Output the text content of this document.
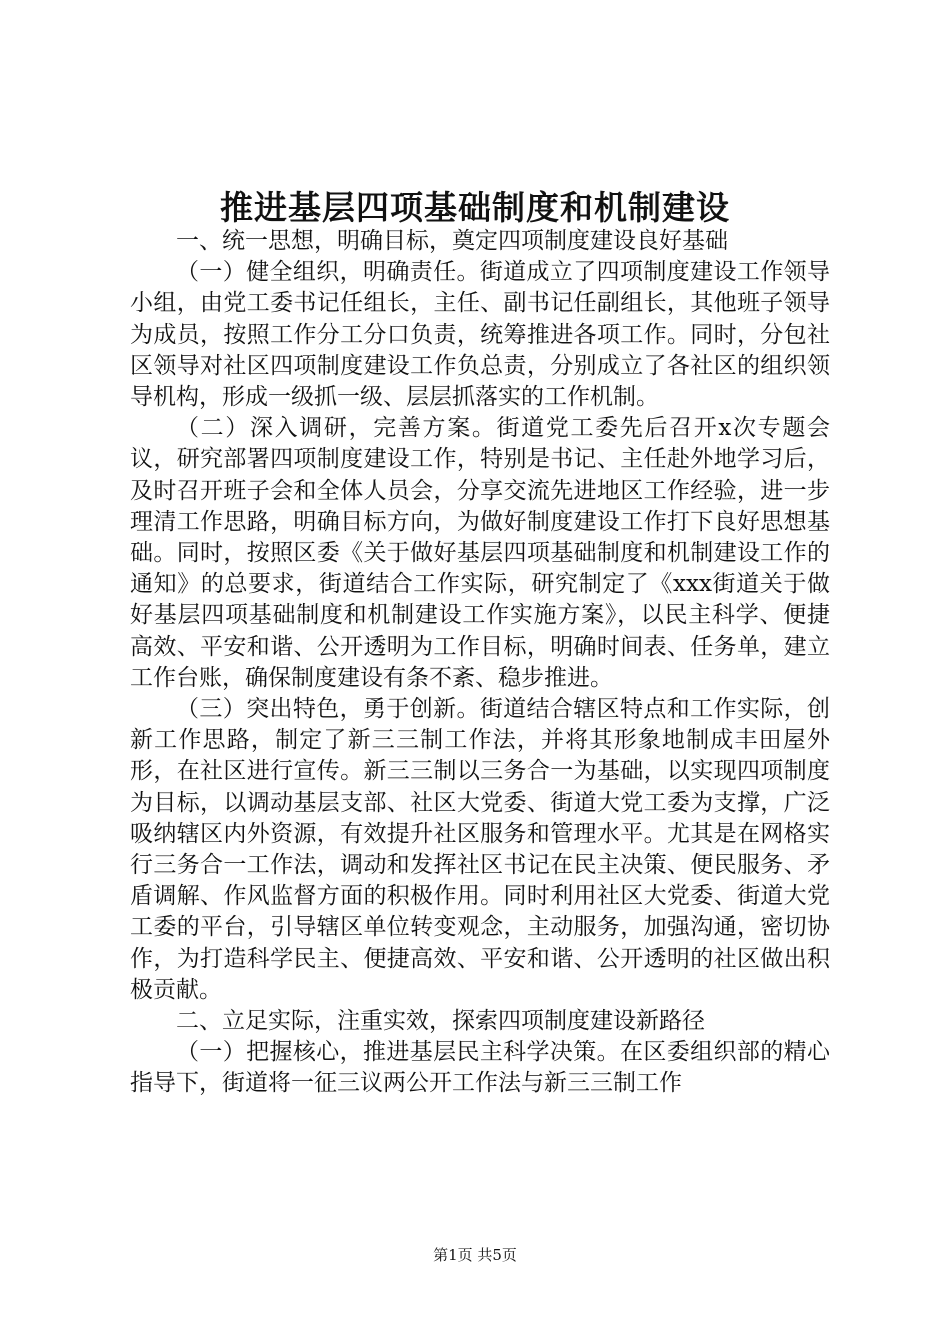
推进基层四项基础制度和机制建设

一、统一思想，明确目标，奠定四项制度建设良好基础

（一）健全组织，明确责任。街道成立了四项制度建设工作领导小组，由党工委书记任组长，主任、副书记任副组长，其他班子领导为成员，按照工作分工分口负责，统筹推进各项工作。同时，分包社区领导对社区四项制度建设工作负总责，分别成立了各社区的组织领导机构，形成一级抓一级、层层抓落实的工作机制。

（二）深入调研，完善方案。街道党工委先后召开x次专题会议，研究部署四项制度建设工作，特别是书记、主任赴外地学习后，及时召开班子会和全体人员会，分享交流先进地区工作经验，进一步理清工作思路，明确目标方向，为做好制度建设工作打下良好思想基础。同时，按照区委《关于做好基层四项基础制度和机制建设工作的通知》的总要求，街道结合工作实际，研究制定了《xxx街道关于做好基层四项基础制度和机制建设工作实施方案》，以民主科学、便捷高效、平安和谐、公开透明为工作目标，明确时间表、任务单，建立工作台账，确保制度建设有条不紊、稳步推进。

（三）突出特色，勇于创新。街道结合辖区特点和工作实际，创新工作思路，制定了新三三制工作法，并将其形象地制成丰田屋外形，在社区进行宣传。新三三制以三务合一为基础，以实现四项制度为目标，以调动基层支部、社区大党委、街道大党工委为支撑，广泛吸纳辖区内外资源，有效提升社区服务和管理水平。尤其是在网格实行三务合一工作法，调动和发挥社区书记在民主决策、便民服务、矛盾调解、作风监督方面的积极作用。同时利用社区大党委、街道大党工委的平台，引导辖区单位转变观念，主动服务，加强沟通，密切协作，为打造科学民主、便捷高效、平安和谐、公开透明的社区做出积极贡献。

二、立足实际，注重实效，探索四项制度建设新路径

（一）把握核心，推进基层民主科学决策。在区委组织部的精心指导下，街道将一征三议两公开工作法与新三三制工作

第1页 共5页
